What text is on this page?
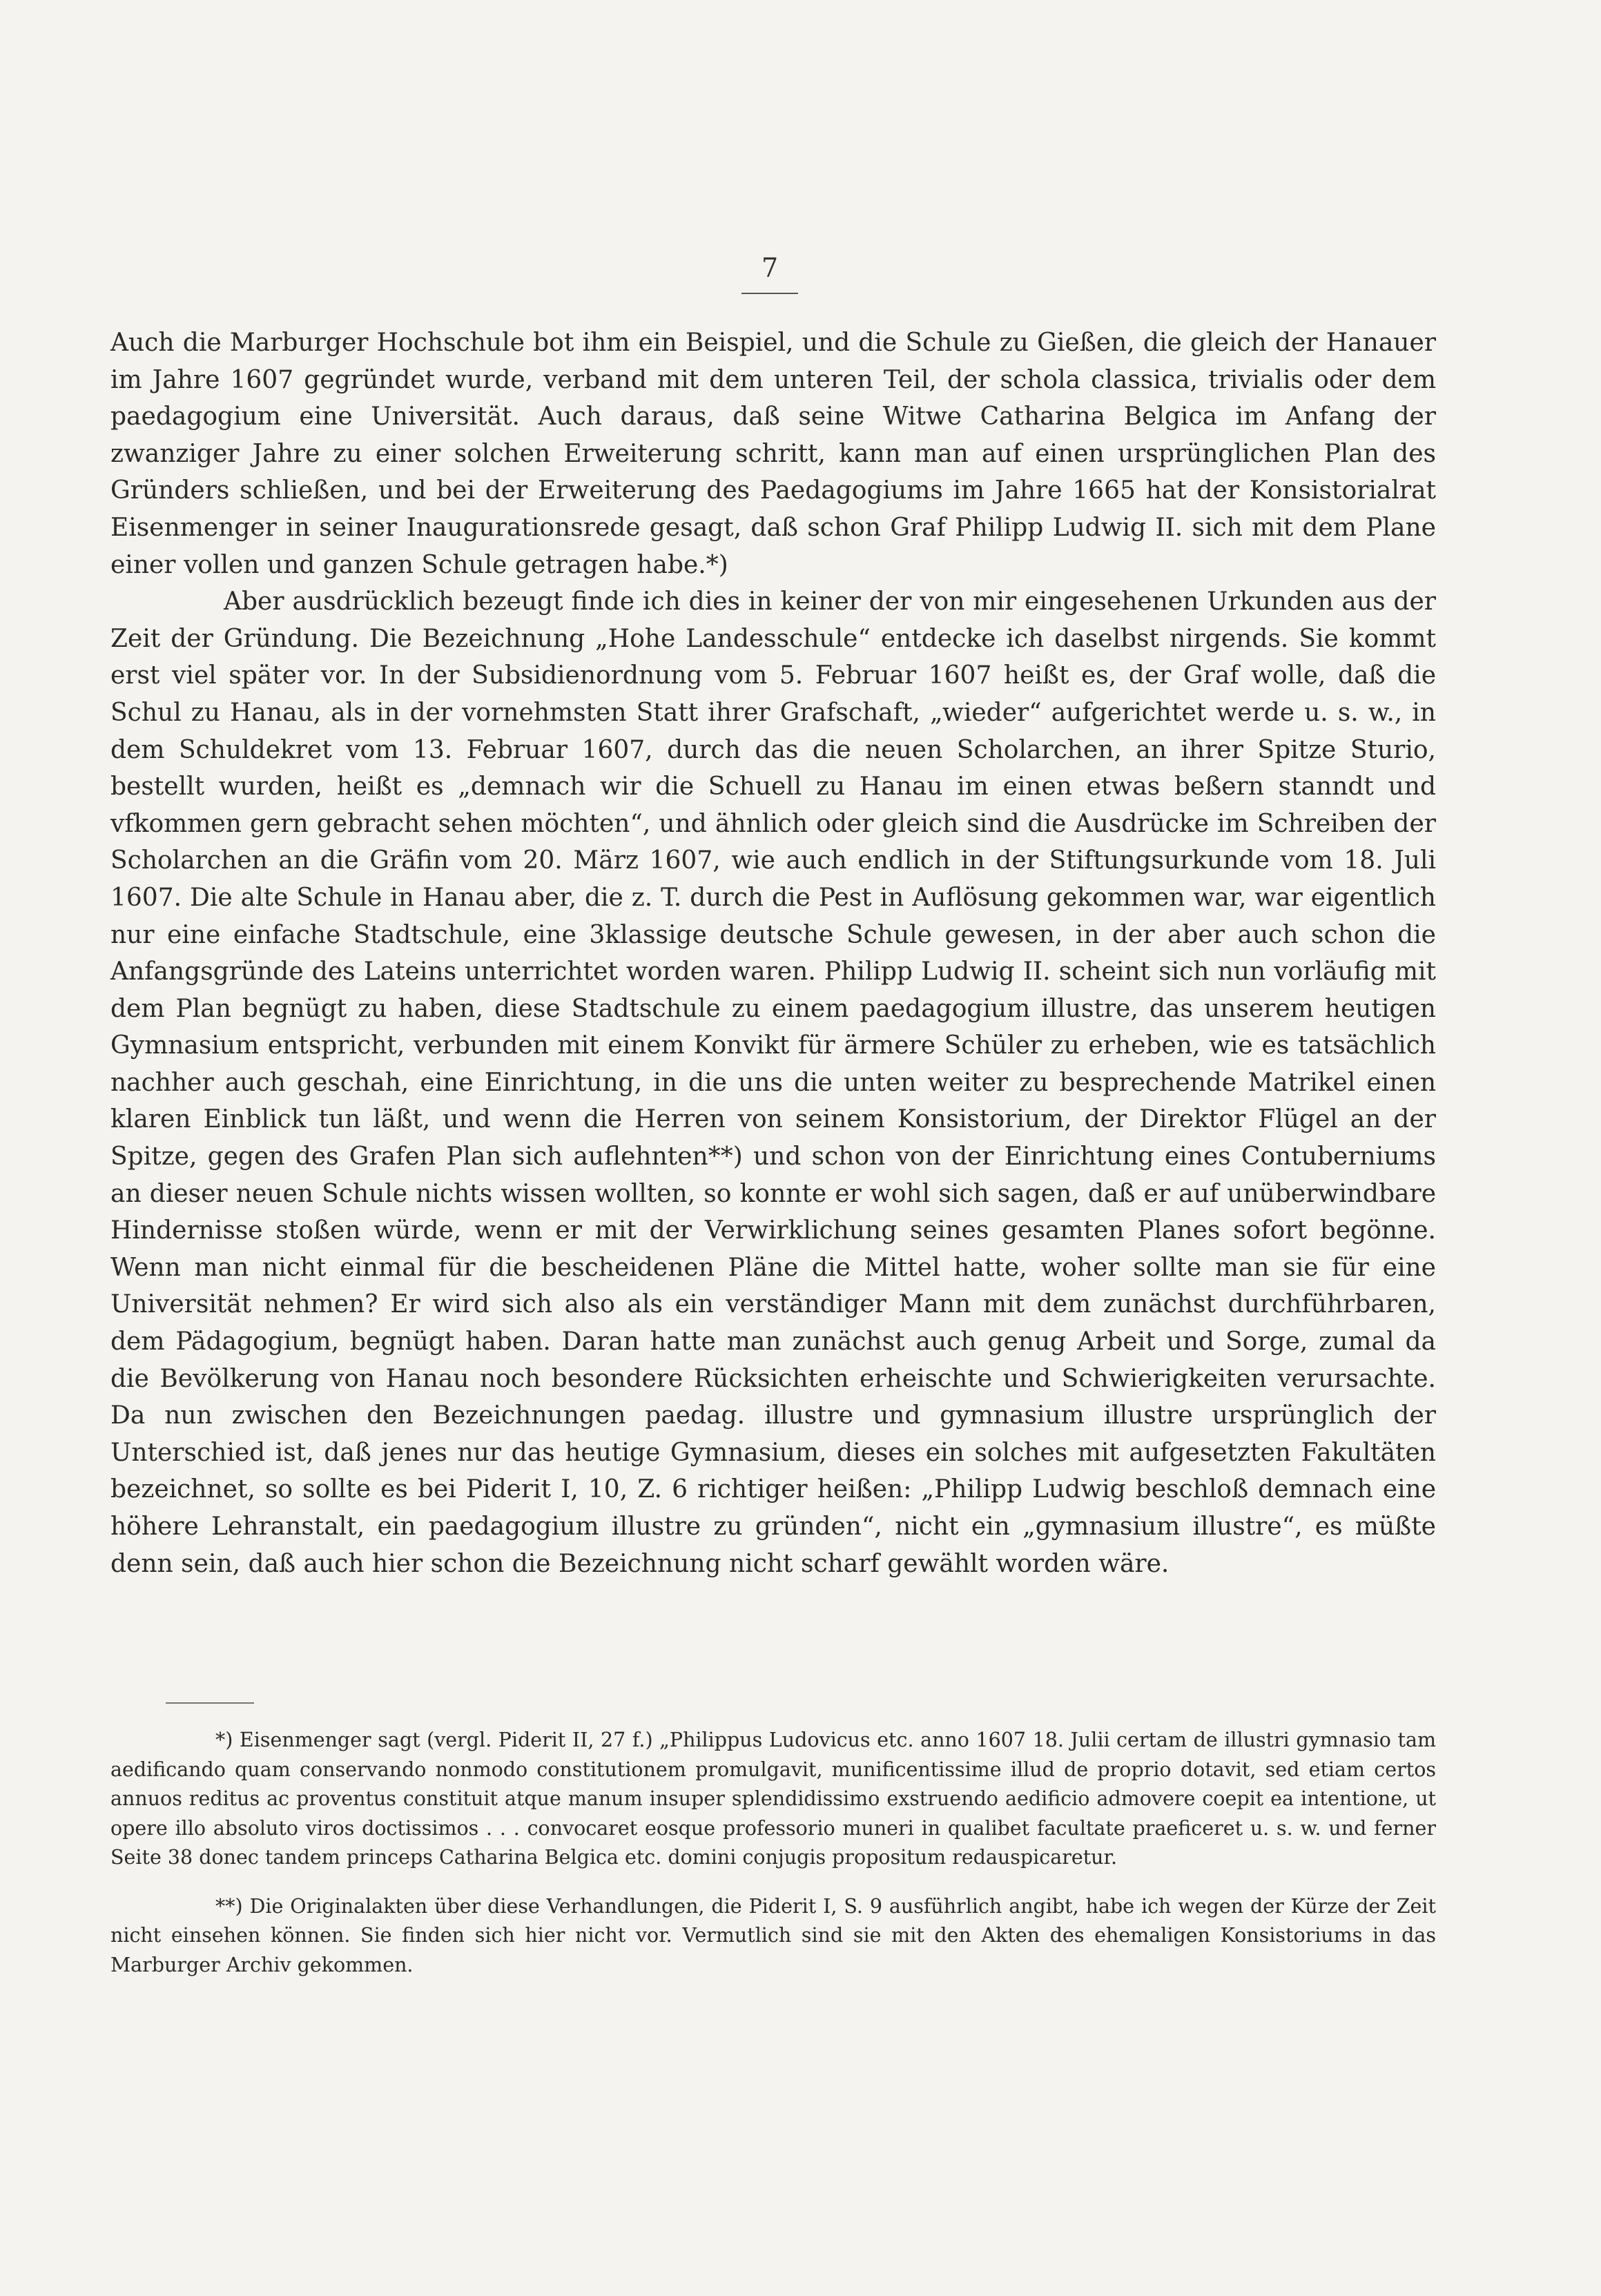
7

Auch die Marburger Hochschule bot ihm ein Beispiel, und die Schule zu Gießen, die gleich der Hanauer im Jahre 1607 gegründet wurde, verband mit dem unteren Teil, der schola classica, trivialis oder dem paedagogium eine Universität. Auch daraus, daß seine Witwe Catharina Belgica im Anfang der zwanziger Jahre zu einer solchen Erweiterung schritt, kann man auf einen ursprünglichen Plan des Gründers schließen, und bei der Erweiterung des Paedagogiums im Jahre 1665 hat der Konsistorialrat Eisenmenger in seiner Inaugurationsrede gesagt, daß schon Graf Philipp Ludwig II. sich mit dem Plane einer vollen und ganzen Schule getragen habe.*)

Aber ausdrücklich bezeugt finde ich dies in keiner der von mir eingesehenen Urkunden aus der Zeit der Gründung. Die Bezeichnung „Hohe Landesschule“ entdecke ich daselbst nirgends. Sie kommt erst viel später vor. In der Subsidienordnung vom 5. Februar 1607 heißt es, der Graf wolle, daß die Schul zu Hanau, als in der vornehmsten Statt ihrer Grafschaft, „wieder“ aufgerichtet werde u. s. w., in dem Schuldekret vom 13. Februar 1607, durch das die neuen Scholarchen, an ihrer Spitze Sturio, bestellt wurden, heißt es „demnach wir die Schuell zu Hanau im einen etwas beßern stanndt und vfkommen gern gebracht sehen möchten“, und ähnlich oder gleich sind die Ausdrücke im Schreiben der Scholarchen an die Gräfin vom 20. März 1607, wie auch endlich in der Stiftungsurkunde vom 18. Juli 1607. Die alte Schule in Hanau aber, die z. T. durch die Pest in Auflösung gekommen war, war eigentlich nur eine einfache Stadtschule, eine 3klassige deutsche Schule gewesen, in der aber auch schon die Anfangsgründe des Lateins unterrichtet worden waren. Philipp Ludwig II. scheint sich nun vorläufig mit dem Plan begnügt zu haben, diese Stadtschule zu einem paedagogium illustre, das unserem heutigen Gymnasium entspricht, verbunden mit einem Konvikt für ärmere Schüler zu erheben, wie es tatsächlich nachher auch geschah, eine Einrichtung, in die uns die unten weiter zu besprechende Matrikel einen klaren Einblick tun läßt, und wenn die Herren von seinem Konsistorium, der Direktor Flügel an der Spitze, gegen des Grafen Plan sich auflehnten**) und schon von der Einrichtung eines Contuberniums an dieser neuen Schule nichts wissen wollten, so konnte er wohl sich sagen, daß er auf unüberwindbare Hindernisse stoßen würde, wenn er mit der Verwirklichung seines gesamten Planes sofort begönne. Wenn man nicht einmal für die bescheidenen Pläne die Mittel hatte, woher sollte man sie für eine Universität nehmen? Er wird sich also als ein verständiger Mann mit dem zunächst durchführbaren, dem Pädagogium, begnügt haben. Daran hatte man zunächst auch genug Arbeit und Sorge, zumal da die Bevölkerung von Hanau noch besondere Rücksichten erheischte und Schwierigkeiten verursachte. Da nun zwischen den Bezeichnungen paedag. illustre und gymnasium illustre ursprünglich der Unterschied ist, daß jenes nur das heutige Gymnasium, dieses ein solches mit aufgesetzten Fakultäten bezeichnet, so sollte es bei Piderit I, 10, Z. 6 richtiger heißen: „Philipp Ludwig beschloß demnach eine höhere Lehranstalt, ein paedagogium illustre zu gründen“, nicht ein „gymnasium illustre“, es müßte denn sein, daß auch hier schon die Bezeichnung nicht scharf gewählt worden wäre.

*) Eisenmenger sagt (vergl. Piderit II, 27 f.) „Philippus Ludovicus etc. anno 1607 18. Julii certam de illustri gymnasio tam aedificando quam conservando nonmodo constitutionem promulgavit, munificentissime illud de proprio dotavit, sed etiam certos annuos reditus ac proventus constituit atque manum insuper splendidissimo exstruendo aedificio admovere coepit ea intentione, ut opere illo absoluto viros doctissimos . . . convocaret eosque professorio muneri in qualibet facultate praeficeret u. s. w. und ferner Seite 38 donec tandem princeps Catharina Belgica etc. domini conjugis propositum redauspicaretur.

**) Die Originalakten über diese Verhandlungen, die Piderit I, S. 9 ausführlich angibt, habe ich wegen der Kürze der Zeit nicht einsehen können. Sie finden sich hier nicht vor. Vermutlich sind sie mit den Akten des ehemaligen Konsistoriums in das Marburger Archiv gekommen.
